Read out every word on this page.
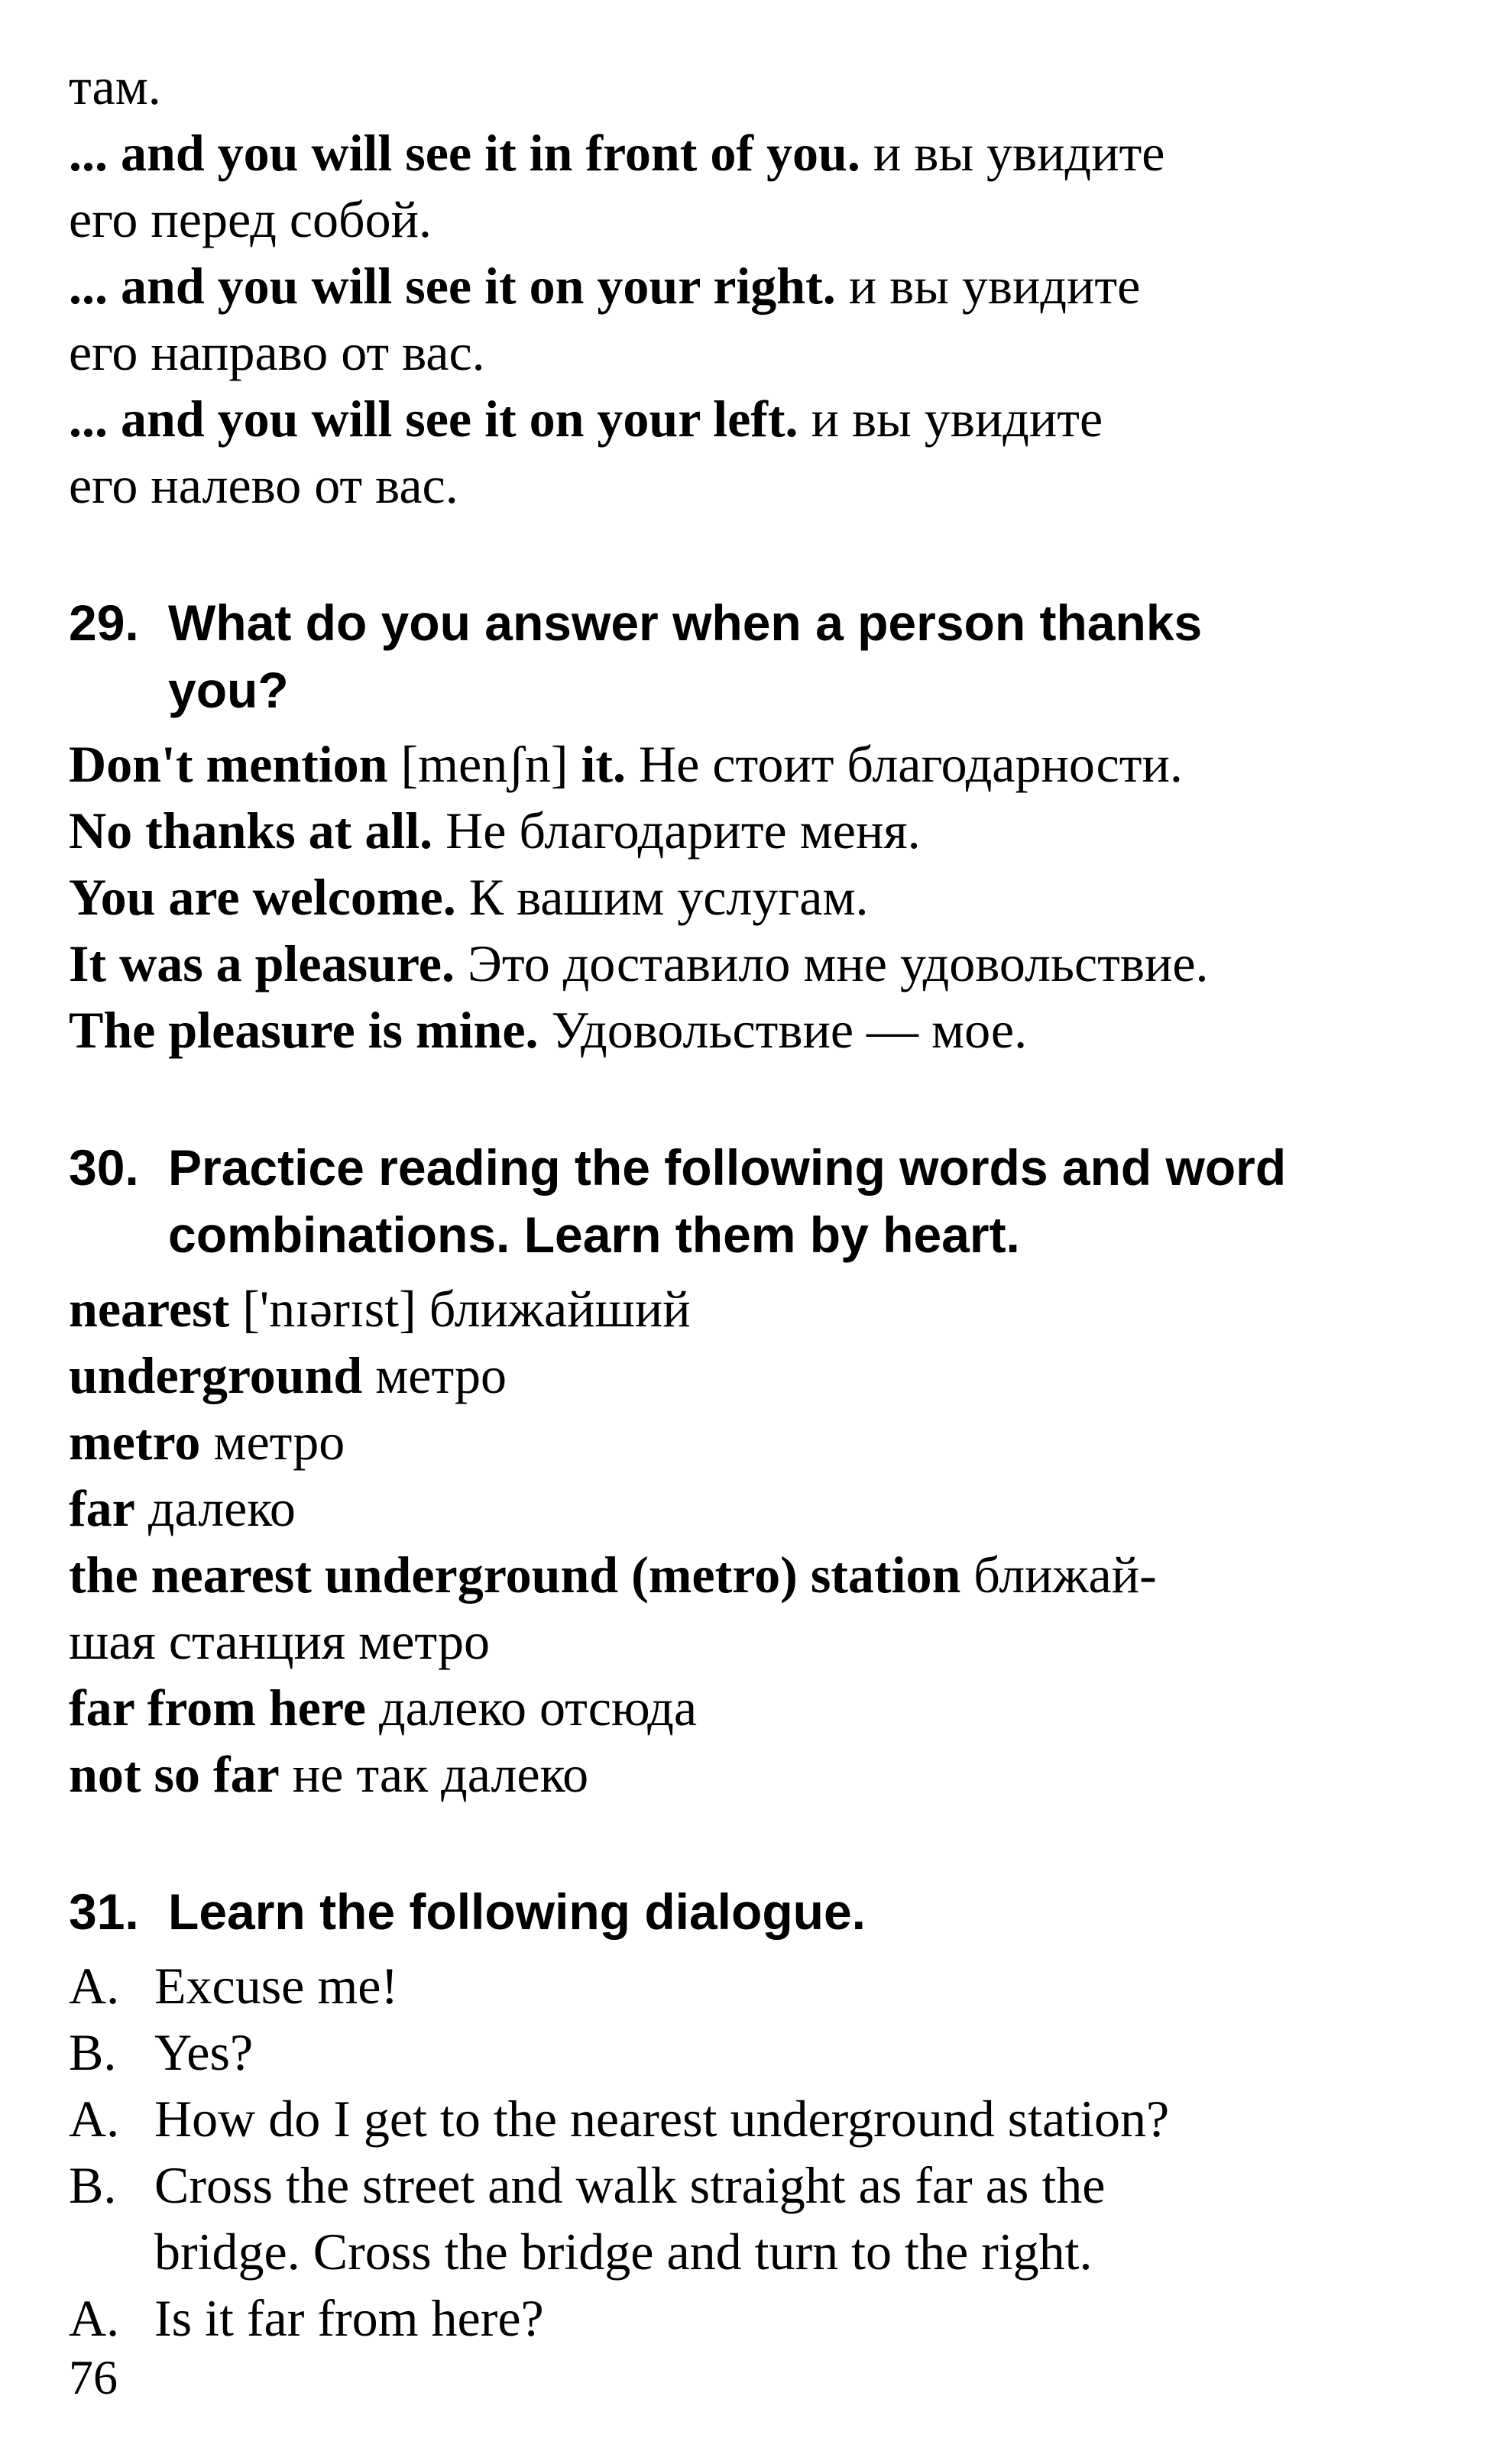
там.

... and you will see it in front of you. и вы увидите

его перед собой.

... and you will see it on your right. и вы увидите

его направо от вас.

... and you will see it on your left. и вы увидите

его налево от вас.

29. What do you answer when a person thanks
you?

Don't mention [menʃn] it. Не стоит благодарности.

No thanks at all. Не благодарите меня.

You are welcome. К вашим услугам.

It was a pleasure. Это доставило мне удовольствие.

The pleasure is mine. Удовольствие — мое.

30. Practice reading the following words and word
combinations. Learn them by heart.

nearest ['nɪərɪst] ближайший

underground метро

metro метро

far далеко

the nearest underground (metro) station ближай-

шая станция метро

far from here далеко отсюда

not so far не так далеко

31. Learn the following dialogue.
A. Excuse me!
B. Yes?
A. How do I get to the nearest underground station?
B. Cross the street and walk straight as far as the
bridge. Cross the bridge and turn to the right.
A. Is it far from here?
76
